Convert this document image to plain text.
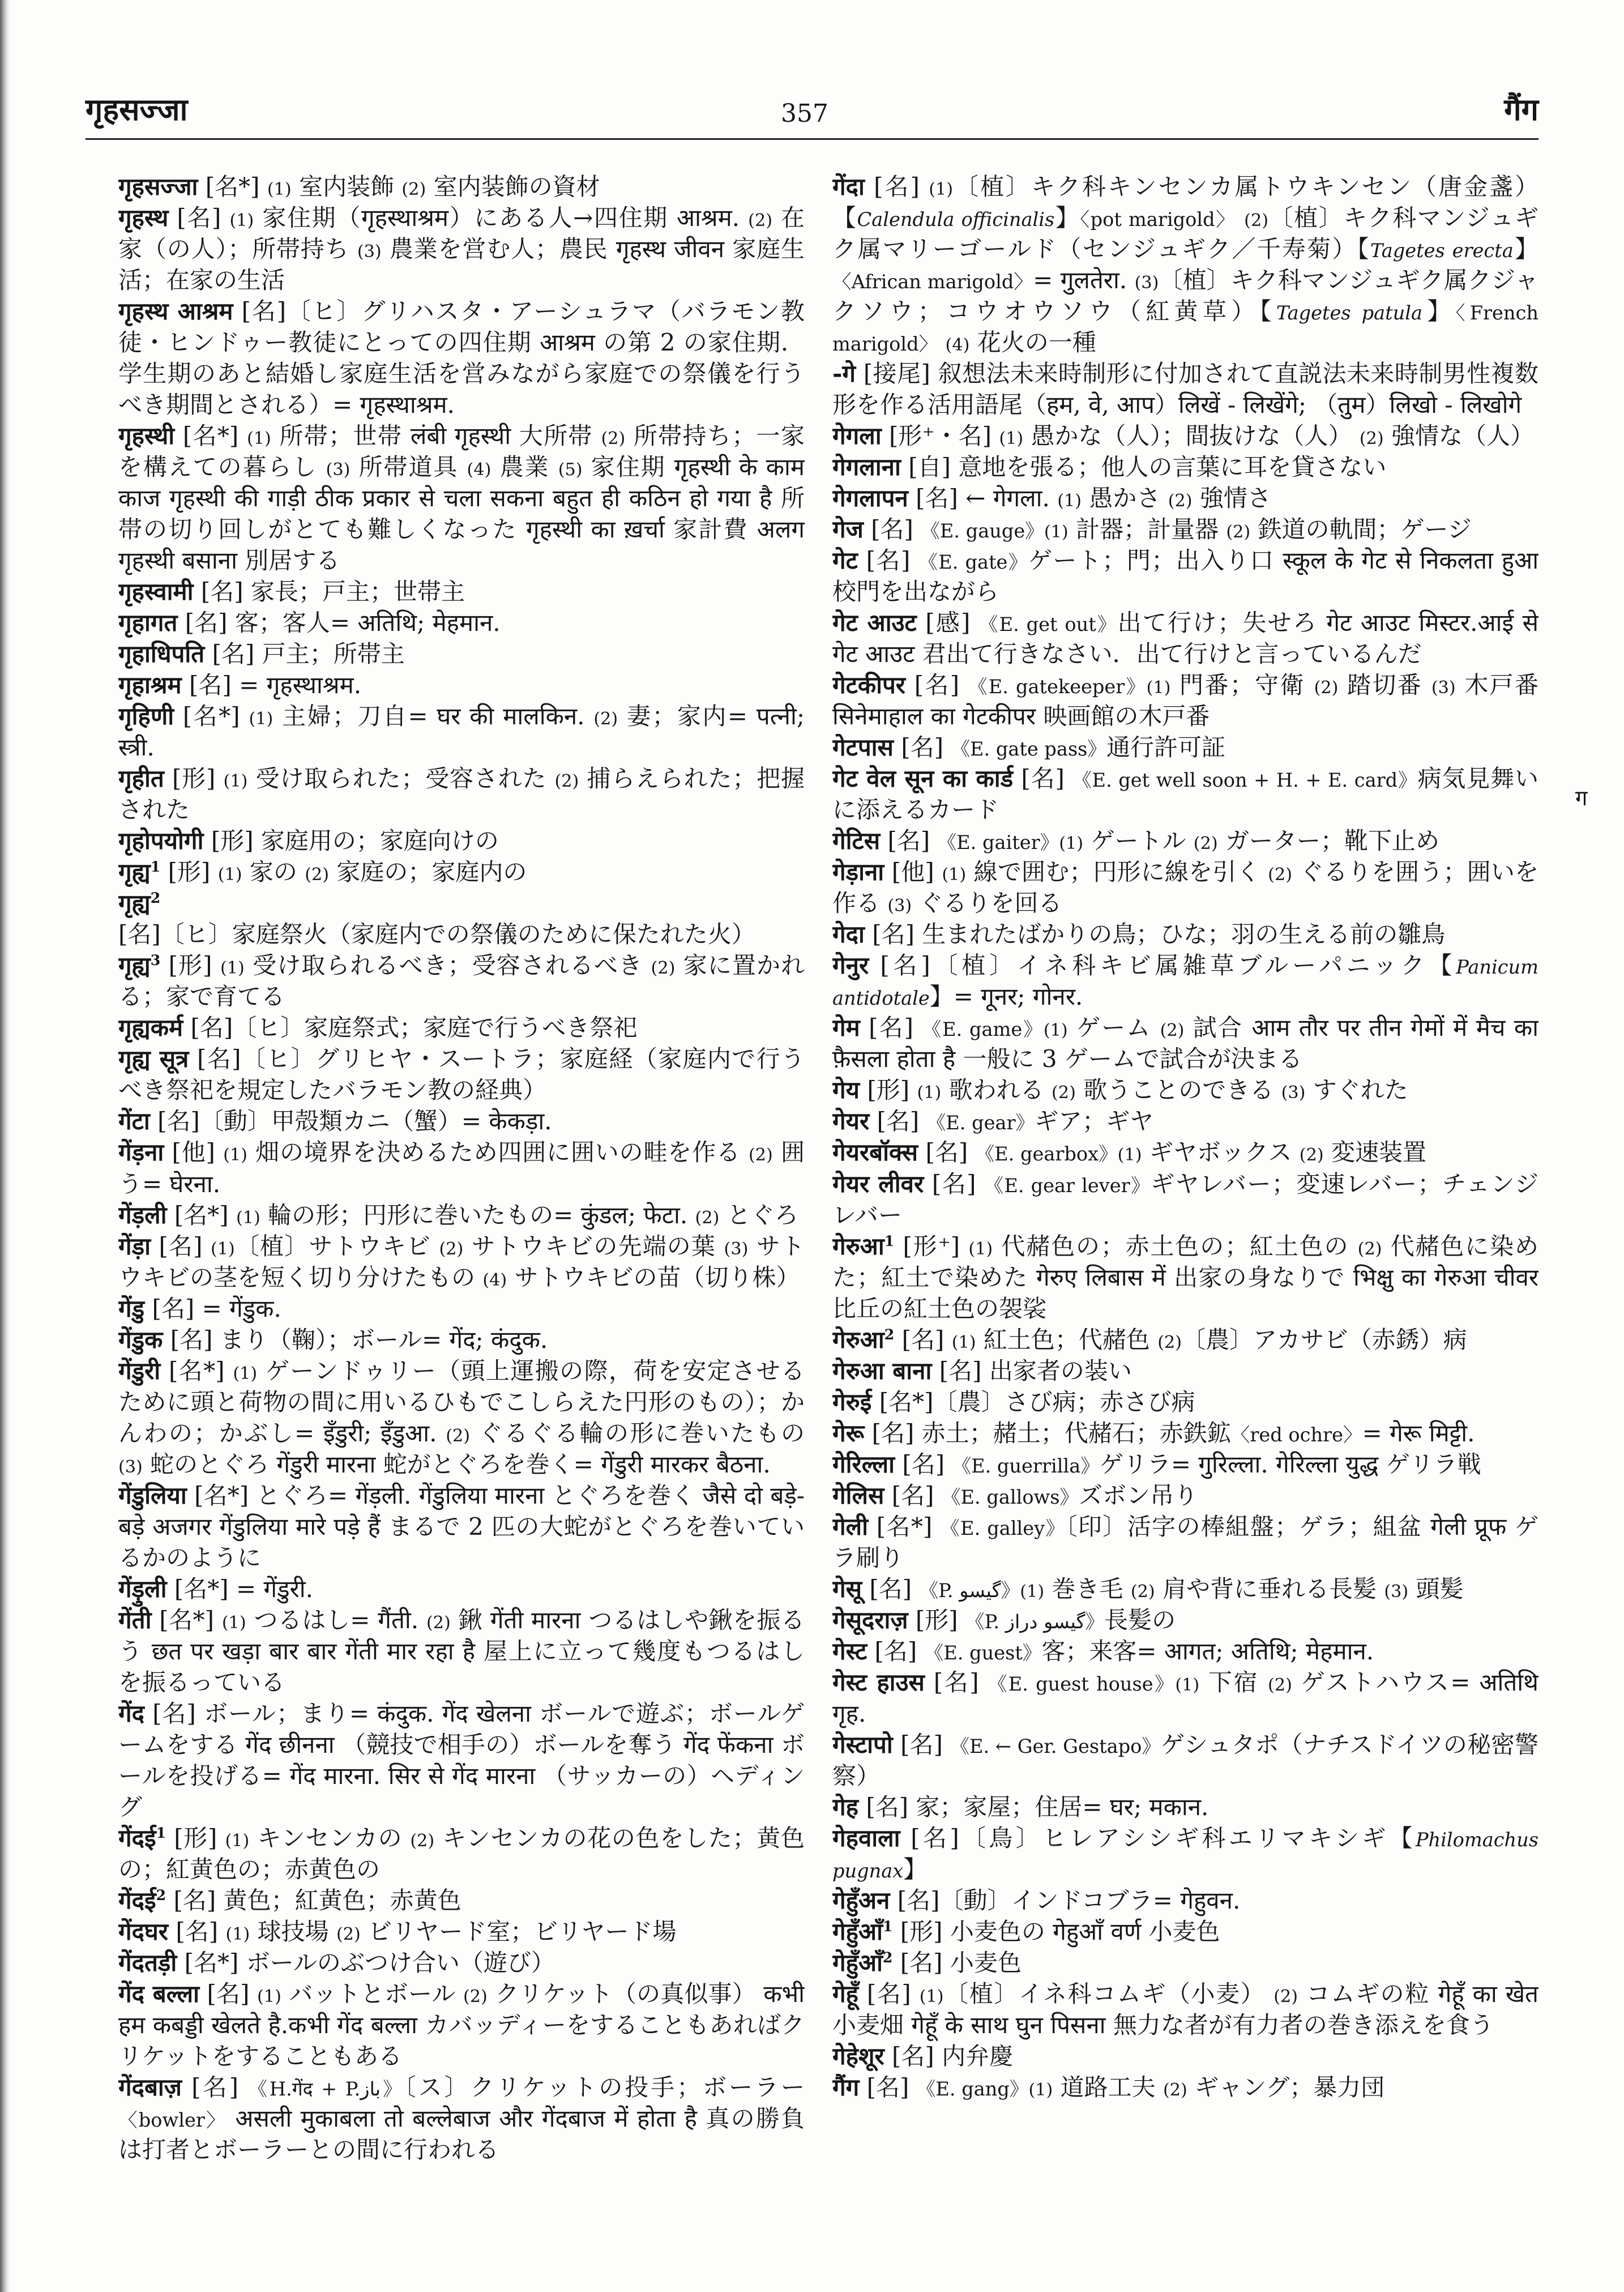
गृहसज्जा	357	गैंग

गृहसज्जा [名*] (1) 室内装飾 (2) 室内装飾の資材

गृहस्थ [名] (1) 家住期（गृहस्थाश्रम）にある人→四住期 आश्रम. (2) 在家（の人）；所帯持ち (3) 農業を営む人；農民 गृहस्थ जीवन 家庭生活；在家の生活

गृहस्थ आश्रम [名]〔ヒ〕グリハスタ・アーシュラマ（バラモン教徒・ヒンドゥー教徒にとっての四住期 आश्रम の第 2 の家住期．学生期のあと結婚し家庭生活を営みながら家庭での祭儀を行うべき期間とされる）= गृहस्थाश्रम.

गृहस्थी [名*] (1) 所帯；世帯 लंबी गृहस्थी 大所帯 (2) 所帯持ち；一家を構えての暮らし (3) 所帯道具 (4) 農業 (5) 家住期 गृहस्थी के काम काज गृहस्थी की गाड़ी ठीक प्रकार से चला सकना बहुत ही कठिन हो गया है 所帯の切り回しがとても難しくなった गृहस्थी का ख़र्चा 家計費 अलग गृहस्थी बसाना 別居する

गृहस्वामी [名] 家長；戸主；世帯主

गृहागत [名] 客；客人= अतिथि; मेहमान.

गृहाधिपति [名] 戸主；所帯主

गृहाश्रम [名] = गृहस्थाश्रम.

गृहिणी [名*] (1) 主婦；刀自= घर की मालकिन. (2) 妻；家内= पत्नी; स्त्री.

गृहीत [形] (1) 受け取られた；受容された (2) 捕らえられた；把握された

गृहोपयोगी [形] 家庭用の；家庭向けの

गृह्य$^1$ [形] (1) 家の (2) 家庭の；家庭内の

गृह्य$^2$ [名]〔ヒ〕家庭祭火（家庭内での祭儀のために保たれた火）

गृह्य$^3$ [形] (1) 受け取られるべき；受容されるべき (2) 家に置かれる；家で育てる

गृह्यकर्म [名]〔ヒ〕家庭祭式；家庭で行うべき祭祀

गृह्य सूत्र [名]〔ヒ〕グリヒヤ・スートラ；家庭経（家庭内で行うべき祭祀を規定したバラモン教の経典）

गेंटा [名]〔動〕甲殻類カニ（蟹）= केकड़ा.

गेंड़ना [他] (1) 畑の境界を決めるため四囲に囲いの畦を作る (2) 囲う= घेरना.

गेंड़ली [名*] (1) 輪の形；円形に巻いたもの= कुंडल; फेटा. (2) とぐろ

गेंड़ा [名] (1)〔植〕サトウキビ (2) サトウキビの先端の葉 (3) サトウキビの茎を短く切り分けたもの (4) サトウキビの苗（切り株）

गेंडु [名] = गेंडुक.

गेंडुक [名] まり（鞠）；ボール= गेंद; कंदुक.

गेंडुरी [名*] (1) ゲーンドゥリー（頭上運搬の際，荷を安定させるために頭と荷物の間に用いるひもでこしらえた円形のもの）；かんわの；かぶし= इँडुरी; इँडुआ. (2) ぐるぐる輪の形に巻いたもの (3) 蛇のとぐろ गेंडुरी मारना 蛇がとぐろを巻く= गेंडुरी मारकर बैठना.

गेंडुलिया [名*] とぐろ= गेंड़ली. गेंडुलिया मारना とぐろを巻く जैसे दो बड़े-बड़े अजगर गेंडुलिया मारे पड़े हैं まるで 2 匹の大蛇がとぐろを巻いているかのように

गेंड़ुली [名*] = गेंडुरी.

गेंती [名*] (1) つるはし= गैंती. (2) 鍬 गेंती मारना つるはしや鍬を振るう छत पर खड़ा बार बार गेंती मार रहा है 屋上に立って幾度もつるはしを振るっている

गेंद [名] ボール；まり= कंदुक. गेंद खेलना ボールで遊ぶ；ボールゲームをする गेंद छीनना （競技で相手の）ボールを奪う गेंद फेंकना ボールを投げる= गेंद मारना. सिर से गेंद मारना （サッカーの）ヘディング

गेंदई$^1$ [形] (1) キンセンカの (2) キンセンカの花の色をした；黄色の；紅黄色の；赤黄色の

गेंदई$^2$ [名] 黄色；紅黄色；赤黄色

गेंदघर [名] (1) 球技場 (2) ビリヤード室；ビリヤード場

गेंदतड़ी [名*] ボールのぶつけ合い（遊び）

गेंद बल्ला [名] (1) バットとボール (2) クリケット（の真似事） कभी हम कबड्डी खेलते है.कभी गेंद बल्ला カバッディーをすることもあればクリケットをすることもある

गेंदबाज़ [名] 《H.गेंद + P.باز》〔ス〕クリケットの投手；ボーラー〈bowler〉 असली मुकाबला तो बल्लेबाज और गेंदबाज में होता है 真の勝負は打者とボーラーとの間に行われる

गेंदा [名] (1)〔植〕キク科キンセンカ属トウキンセン（唐金盞）【Calendula officinalis】〈pot marigold〉 (2)〔植〕キク科マンジュギク属マリーゴールド（センジュギク／千寿菊）【Tagetes erecta】〈African marigold〉= गुलतेरा. (3)〔植〕キク科マンジュギク属クジャクソウ；コウオウソウ（紅黄草）【Tagetes patula】〈French marigold〉 (4) 花火の一種

-गे [接尾] 叙想法未来時制形に付加されて直説法未来時制男性複数形を作る活用語尾（हम, वे, आप）लिखें - लिखेंगे; （तुम）लिखो - लिखोगे

गेगला [形⁺・名] (1) 愚かな（人）；間抜けな（人） (2) 強情な（人）

गेगलाना [自] 意地を張る；他人の言葉に耳を貸さない

गेगलापन [名] ← गेगला. (1) 愚かさ (2) 強情さ

गेज [名] 《E. gauge》(1) 計器；計量器 (2) 鉄道の軌間；ゲージ

गेट [名] 《E. gate》ゲート；門；出入り口 स्कूल के गेट से निकलता हुआ 校門を出ながら

गेट आउट [感] 《E. get out》出て行け；失せろ गेट आउट मिस्टर.आई से गेट आउट 君出て行きなさい．出て行けと言っているんだ

गेटकीपर [名] 《E. gatekeeper》(1) 門番；守衛 (2) 踏切番 (3) 木戸番 सिनेमाहाल का गेटकीपर 映画館の木戸番

गेटपास [名] 《E. gate pass》通行許可証

गेट वेल सून का कार्ड [名] 《E. get well soon + H. + E. card》病気見舞いに添えるカード

गेटिस [名] 《E. gaiter》(1) ゲートル (2) ガーター；靴下止め

गेड़ाना [他] (1) 線で囲む；円形に線を引く (2) ぐるりを囲う；囲いを作る (3) ぐるりを回る

गेदा [名] 生まれたばかりの鳥；ひな；羽の生える前の雛鳥

गेनुर [名]〔植〕イネ科キビ属雑草ブルーパニック【Panicum antidotale】= गूनर; गोनर.

गेम [名] 《E. game》(1) ゲーム (2) 試合 आम तौर पर तीन गेमों में मैच का फ़ैसला होता है 一般に 3 ゲームで試合が決まる

गेय [形] (1) 歌われる (2) 歌うことのできる (3) すぐれた

गेयर [名] 《E. gear》ギア；ギヤ

गेयरबॉक्स [名] 《E. gearbox》(1) ギヤボックス (2) 変速装置

गेयर लीवर [名] 《E. gear lever》ギヤレバー；変速レバー；チェンジレバー

गेरुआ$^1$ [形⁺] (1) 代赭色の；赤土色の；紅土色の (2) 代赭色に染めた；紅土で染めた गेरुए लिबास में 出家の身なりで भिक्षु का गेरुआ चीवर 比丘の紅土色の袈裟

गेरुआ$^2$ [名] (1) 紅土色；代赭色 (2)〔農〕アカサビ（赤銹）病

गेरुआ बाना [名] 出家者の装い

गेरुई [名*]〔農〕さび病；赤さび病

गेरू [名] 赤土；赭土；代赭石；赤鉄鉱〈red ochre〉= गेरू मिट्टी.

गेरिल्ला [名] 《E. guerrilla》ゲリラ= गुरिल्ला. गेरिल्ला युद्ध ゲリラ戦

गेलिस [名] 《E. gallows》ズボン吊り

गेली [名*] 《E. galley》〔印〕活字の棒組盤；ゲラ；組盆 गेली प्रूफ ゲラ刷り

गेसू [名] 《P. گیسو》(1) 巻き毛 (2) 肩や背に垂れる長髪 (3) 頭髪

गेसूदराज़ [形] 《P. گیسو دراز》長髪の

गेस्ट [名] 《E. guest》客；来客= आगत; अतिथि; मेहमान.

गेस्ट हाउस [名] 《E. guest house》(1) 下宿 (2) ゲストハウス= अतिथि गृह.

गेस्टापो [名] 《E. ← Ger. Gestapo》ゲシュタポ（ナチスドイツの秘密警察）

गेह [名] 家；家屋；住居= घर; मकान.

गेहवाला [名]〔鳥〕ヒレアシシギ科エリマキシギ【Philomachus pugnax】

गेहुँअन [名]〔動〕インドコブラ= गेहुवन.

गेहुँआँ$^1$ [形] 小麦色の गेहुआँ वर्ण 小麦色

गेहुँआँ$^2$ [名] 小麦色

गेहूँ [名] (1)〔植〕イネ科コムギ（小麦） (2) コムギの粒 गेहूँ का खेत 小麦畑 गेहूँ के साथ घुन पिसना 無力な者が有力者の巻き添えを食う

गेहेशूर [名] 内弁慶

गैंग [名] 《E. gang》(1) 道路工夫 (2) ギャング；暴力団

ग
